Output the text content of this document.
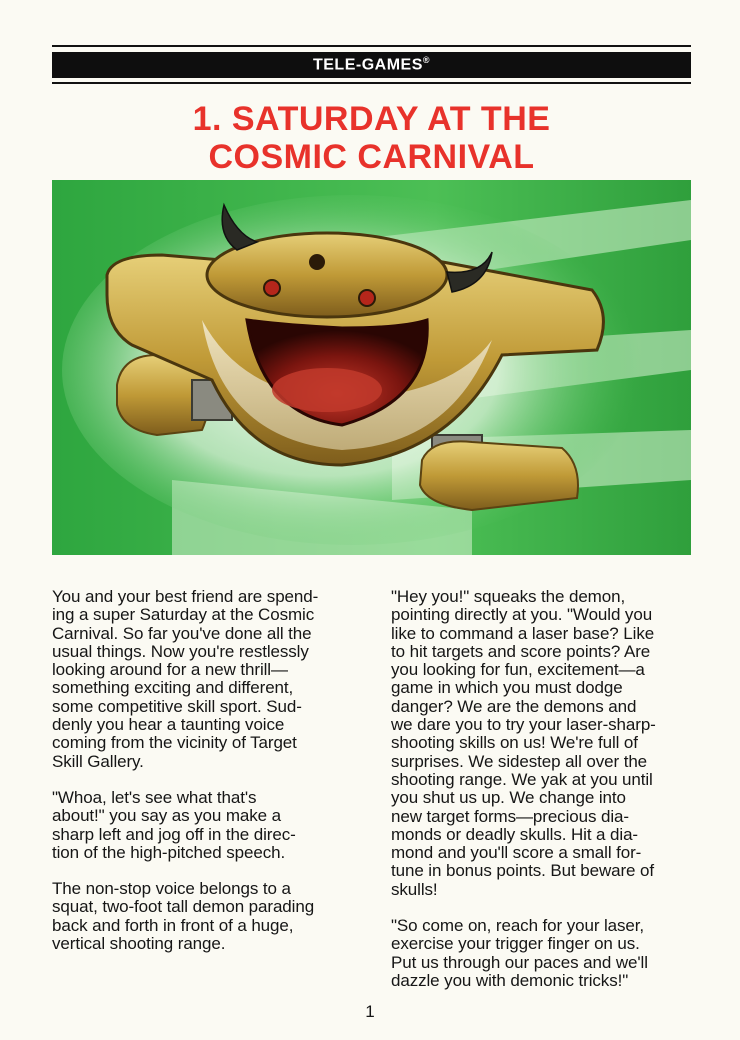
TELE-GAMES®
1. SATURDAY AT THE
COSMIC CARNIVAL

You and your best friend are spend-
ing a super Saturday at the Cosmic
Carnival. So far you've done all the
usual things. Now you're restlessly
looking around for a new thrill—
something exciting and different,
some competitive skill sport. Sud-
denly you hear a taunting voice
coming from the vicinity of Target
Skill Gallery.

"Whoa, let's see what that's
about!" you say as you make a
sharp left and jog off in the direc-
tion of the high-pitched speech.

The non-stop voice belongs to a
squat, two-foot tall demon parading
back and forth in front of a huge,
vertical shooting range.

"Hey you!" squeaks the demon,
pointing directly at you. "Would you
like to command a laser base? Like
to hit targets and score points? Are
you looking for fun, excitement—a
game in which you must dodge
danger? We are the demons and
we dare you to try your laser-sharp-
shooting skills on us! We're full of
surprises. We sidestep all over the
shooting range. We yak at you until
you shut us up. We change into
new target forms—precious dia-
monds or deadly skulls. Hit a dia-
mond and you'll score a small for-
tune in bonus points. But beware of
skulls!

"So come on, reach for your laser,
exercise your trigger finger on us.
Put us through our paces and we'll
dazzle you with demonic tricks!"

1
